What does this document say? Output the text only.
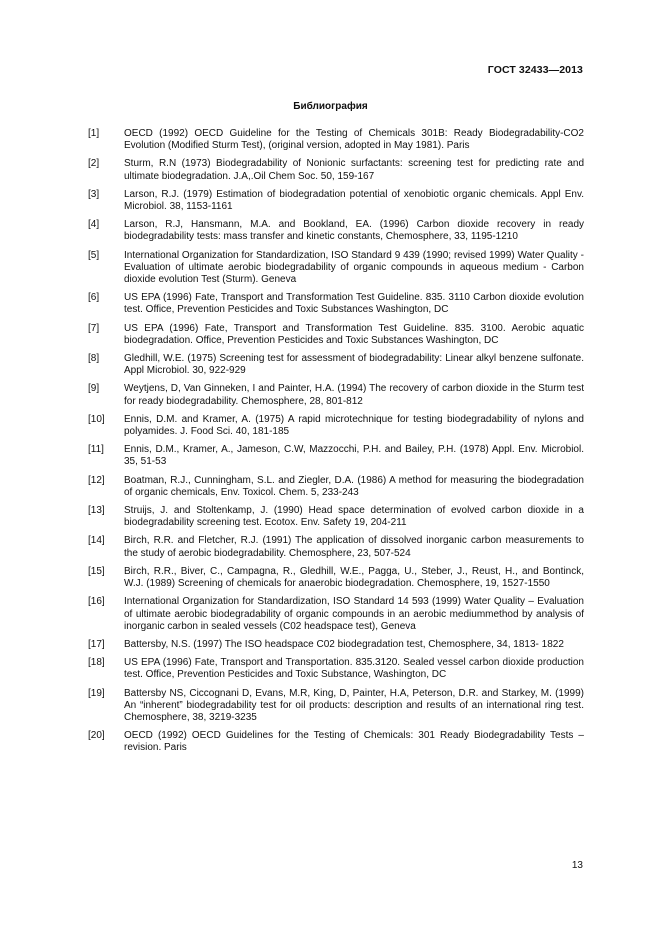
ГОСТ 32433—2013
Библиография
[1]	OECD (1992) OECD Guideline for the Testing of Chemicals 301B: Ready Biodegradability-CO2 Evolution (Modified Sturm Test), (original version, adopted in May 1981). Paris
[2]	Sturm, R.N (1973) Biodegradability of Nonionic surfactants: screening test for predicting rate and ultimate biodegradation. J.A,.Oil Chem Soc. 50, 159-167
[3]	Larson, R.J. (1979) Estimation of biodegradation potential of xenobiotic organic chemicals. Appl Env. Microbiol. 38, 1153-1161
[4]	Larson, R.J, Hansmann, M.A. and Bookland, EA. (1996) Carbon dioxide recovery in ready biodegradability tests: mass transfer and kinetic constants, Chemosphere, 33, 1195-1210
[5]	International Organization for Standardization, ISO Standard 9 439 (1990; revised 1999) Water Quality - Evaluation of ultimate aerobic biodegradability of organic compounds in aqueous medium - Carbon dioxide evolution Test (Sturm). Geneva
[6]	US EPA (1996) Fate, Transport and Transformation Test Guideline. 835. 3110 Carbon dioxide evolution test. Office, Prevention Pesticides and Toxic Substances Washington, DC
[7]	US EPA (1996) Fate, Transport and Transformation Test Guideline. 835. 3100. Aerobic aquatic biodegradation. Office, Prevention Pesticides and Toxic Substances Washington, DC
[8]	Gledhill, W.E. (1975) Screening test for assessment of biodegradability: Linear alkyl benzene sulfonate. Appl Microbiol. 30, 922-929
[9]	Weytjens, D, Van Ginneken, I and Painter, H.A. (1994) The recovery of carbon dioxide in the Sturm test for ready biodegradability. Chemosphere, 28, 801-812
[10]	Ennis, D.M. and Kramer, A. (1975) A rapid microtechnique for testing biodegradability of nylons and polyamides. J. Food Sci. 40, 181-185
[11]	Ennis, D.M., Kramer, A., Jameson, C.W, Mazzocchi, P.H. and Bailey, P.H. (1978) Appl. Env. Microbiol. 35, 51-53
[12]	Boatman, R.J., Cunningham, S.L. and Ziegler, D.A. (1986) A method for measuring the biodegradation of organic chemicals, Env. Toxicol. Chem. 5, 233-243
[13]	Struijs, J. and Stoltenkamp, J. (1990) Head space determination of evolved carbon dioxide in a biodegradability screening test. Ecotox. Env. Safety 19, 204-211
[14]	Birch, R.R. and Fletcher, R.J. (1991) The application of dissolved inorganic carbon measurements to the study of aerobic biodegradability. Chemosphere, 23, 507-524
[15]	Birch, R.R., Biver, C., Campagna, R., Gledhill, W.E., Pagga, U., Steber, J., Reust, H., and Bontinck, W.J. (1989) Screening of chemicals for anaerobic biodegradation. Chemosphere, 19, 1527-1550
[16]	International Organization for Standardization, ISO Standard 14 593 (1999) Water Quality – Evaluation of ultimate aerobic biodegradability of organic compounds in an aerobic mediummethod by analysis of inorganic carbon in sealed vessels (C02 headspace test), Geneva
[17]	Battersby, N.S. (1997) The ISO headspace C02 biodegradation test, Chemosphere, 34, 1813- 1822
[18]	US EPA (1996) Fate, Transport and Transportation. 835.3120. Sealed vessel carbon dioxide production test. Office, Prevention Pesticides and Toxic Substance, Washington, DC
[19]	Battersby NS, Ciccognani D, Evans, M.R, King, D, Painter, H.A, Peterson, D.R. and Starkey, M. (1999) An “inherent” biodegradability test for oil products: description and results of an international ring test. Chemosphere, 38, 3219-3235
[20]	OECD (1992) OECD Guidelines for the Testing of Chemicals: 301 Ready Biodegradability Tests – revision. Paris
13
